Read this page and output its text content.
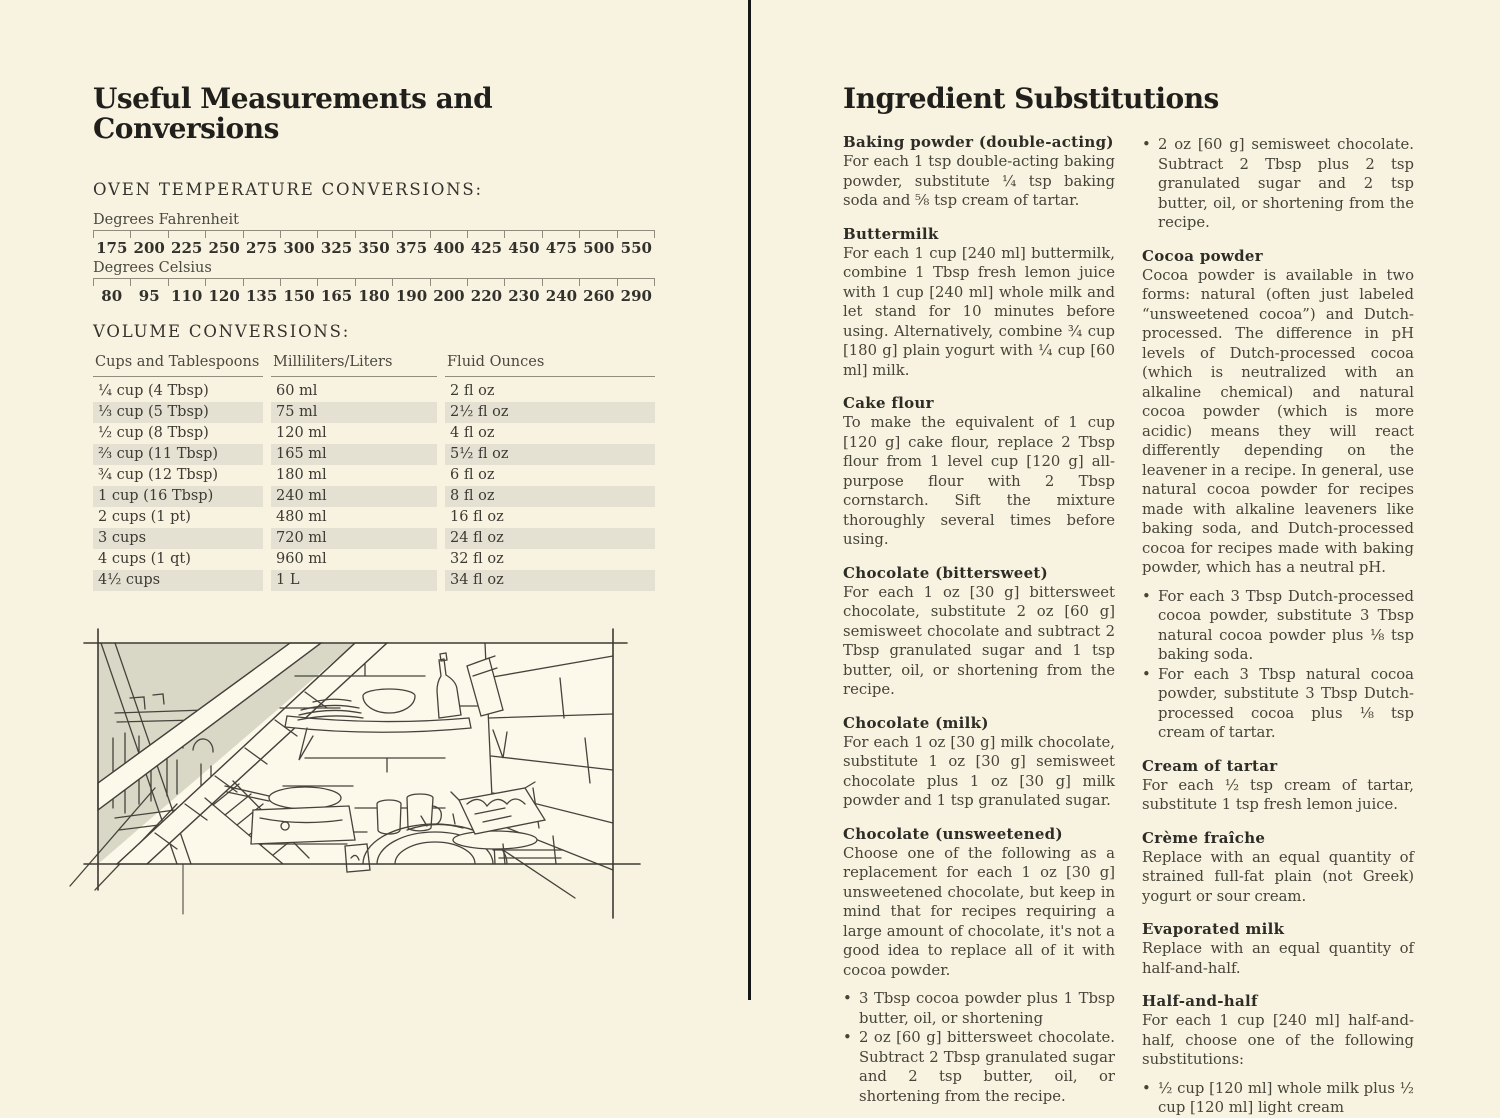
Useful Measurements and Conversions
OVEN TEMPERATURE CONVERSIONS:
Degrees Fahrenheit
175 200 225 250 275 300 325 350 375 400 425 450 475 500 550
Degrees Celsius
80	95 110 120 135 150 165 180 190 200 220 230 240 260 290
VOLUME CONVERSIONS:
Cups and Tablespoons Milliliters/Liters	Fluid Ounces
¼ cup (4 Tbsp)	60 ml	2 fl oz
⅓ cup (5 Tbsp)	75 ml	2½ fl oz
½ cup (8 Tbsp)	120 ml	4 fl oz
⅔ cup (11 Tbsp)	165 ml	5½ fl oz
¾ cup (12 Tbsp)	180 ml	6 fl oz
1 cup (16 Tbsp)	240 ml	8 fl oz
2 cups (1 pt)	480 ml	16 fl oz
3 cups	720 ml	24 fl oz
4 cups (1 qt)	960 ml	32 fl oz
4½ cups	1 L	34 fl oz
Ingredient Substitutions
Baking powder (double-acting)
For each 1 tsp double-acting baking powder, substitute ¼ tsp baking soda and ⅝ tsp cream of tartar.
Buttermilk
For each 1 cup [240 ml] buttermilk, combine 1 Tbsp fresh lemon juice with 1 cup [240 ml] whole milk and let stand for 10 minutes before using. Alternatively, combine ¾ cup [180 g] plain yogurt with ¼ cup [60 ml] milk.
Cake flour
To make the equivalent of 1 cup [120 g] cake flour, replace 2 Tbsp flour from 1 level cup [120 g] all-purpose flour with 2 Tbsp cornstarch. Sift the mixture thoroughly several times before using.
Chocolate (bittersweet)
For each 1 oz [30 g] bittersweet chocolate, substitute 2 oz [60 g] semisweet chocolate and subtract 2 Tbsp granulated sugar and 1 tsp butter, oil, or shortening from the recipe.
Chocolate (milk)
For each 1 oz [30 g] milk chocolate, substitute 1 oz [30 g] semisweet chocolate plus 1 oz [30 g] milk powder and 1 tsp granulated sugar.
Chocolate (unsweetened)
Choose one of the following as a replacement for each 1 oz [30 g] unsweetened chocolate, but keep in mind that for recipes requiring a large amount of chocolate, it's not a good idea to replace all of it with cocoa powder.
• 3 Tbsp cocoa powder plus 1 Tbsp butter, oil, or shortening
• 2 oz [60 g] bittersweet chocolate. Subtract 2 Tbsp granulated sugar and 2 tsp butter, oil, or shortening from the recipe.
• 2 oz [60 g] semisweet chocolate. Subtract 2 Tbsp plus 2 tsp granulated sugar and 2 tsp butter, oil, or shortening from the recipe.
Cocoa powder
Cocoa powder is available in two forms: natural (often just labeled “unsweetened cocoa”) and Dutch-processed. The difference in pH levels of Dutch-processed cocoa (which is neutralized with an alkaline chemical) and natural cocoa powder (which is more acidic) means they will react differently depending on the leavener in a recipe. In general, use natural cocoa powder for recipes made with alkaline leaveners like baking soda, and Dutch-processed cocoa for recipes made with baking powder, which has a neutral pH.
• For each 3 Tbsp Dutch-processed cocoa powder, substitute 3 Tbsp natural cocoa powder plus ⅛ tsp baking soda.
• For each 3 Tbsp natural cocoa powder, substitute 3 Tbsp Dutch-processed cocoa plus ⅛ tsp cream of tartar.
Cream of tartar
For each ½ tsp cream of tartar, substitute 1 tsp fresh lemon juice.
Crème fraîche
Replace with an equal quantity of strained full-fat plain (not Greek) yogurt or sour cream.
Evaporated milk
Replace with an equal quantity of half-and-half.
Half-and-half
For each 1 cup [240 ml] half-and-half, choose one of the following substitutions:
• ½ cup [120 ml] whole milk plus ½ cup [120 ml] light cream
